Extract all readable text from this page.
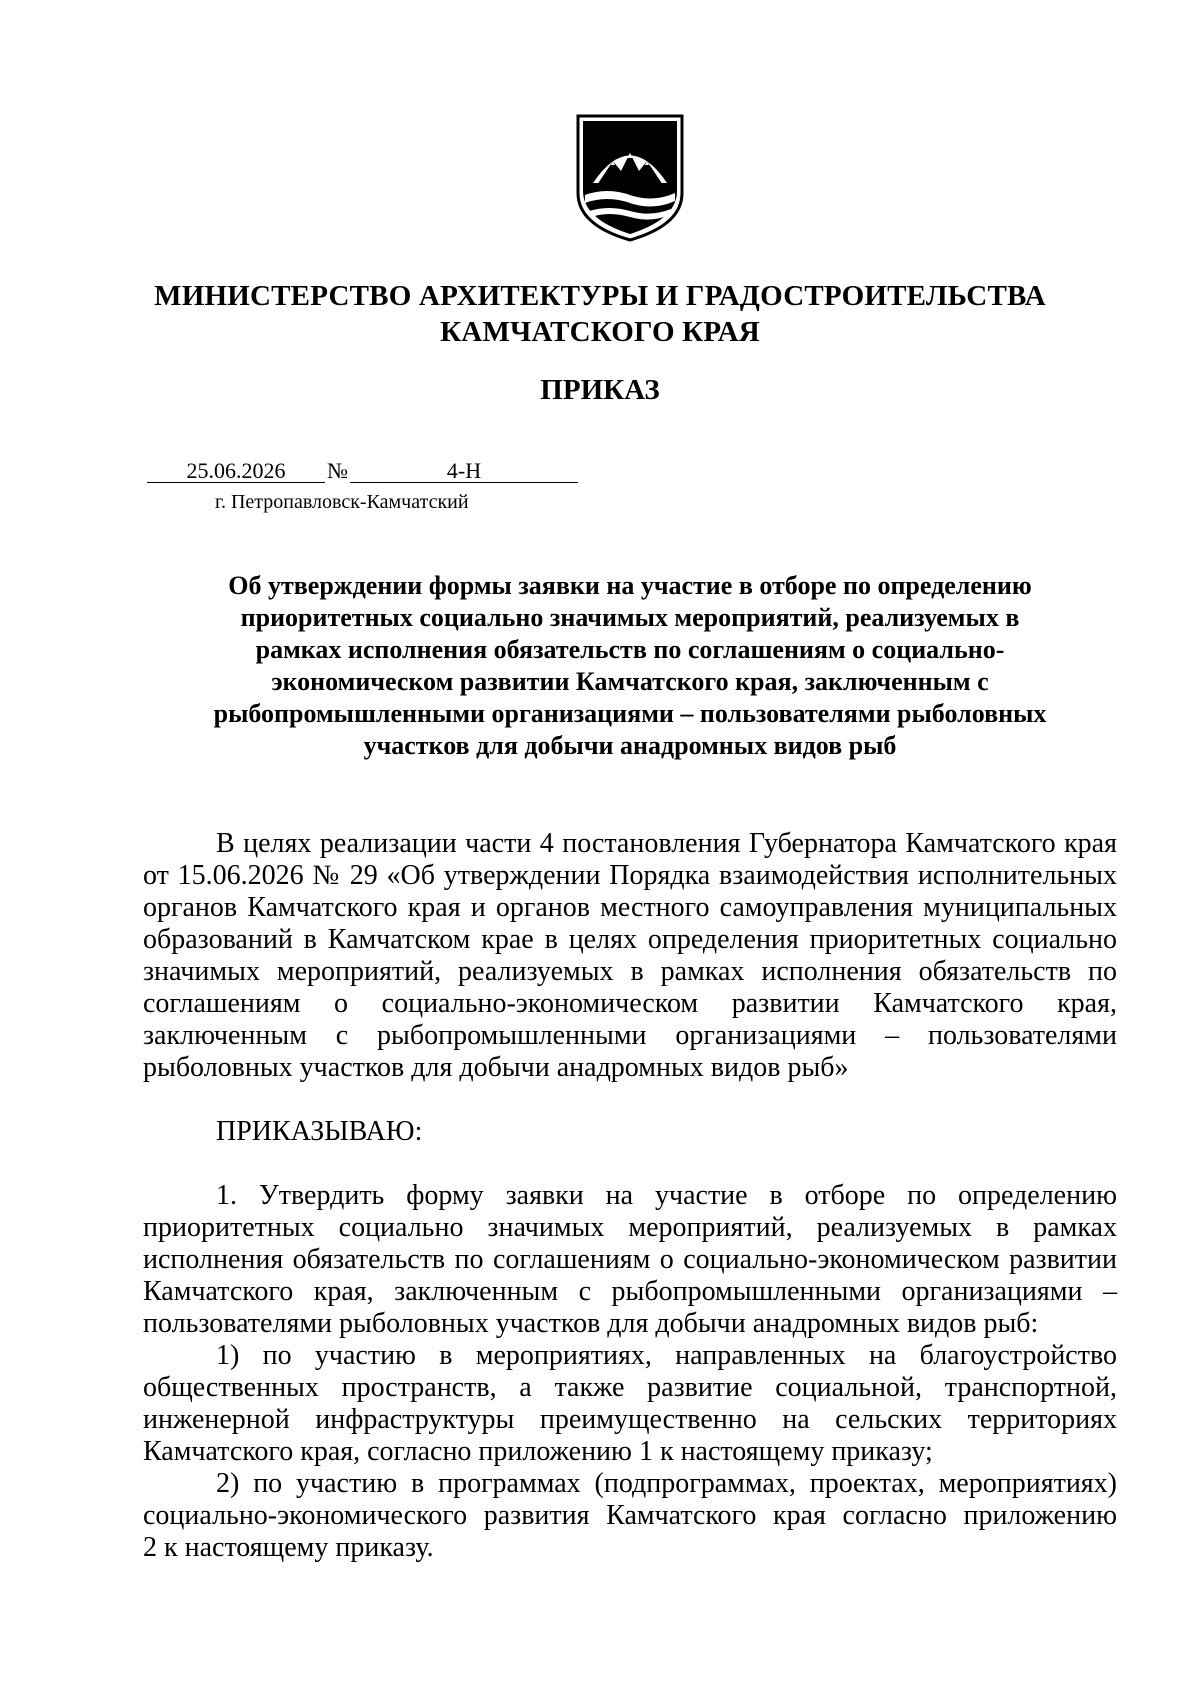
МИНИСТЕРСТВО АРХИТЕКТУРЫ И ГРАДОСТРОИТЕЛЬСТВА
КАМЧАТСКОГО КРАЯ
ПРИКАЗ
25.06.2026 №	4-Н
г. Петропавловск-Камчатский
Об утверждении формы заявки на участие в отборе по определению
приоритетных социально значимых мероприятий, реализуемых в
рамках исполнения обязательств по соглашениям о социально-
экономическом развитии Камчатского края, заключенным с
рыбопромышленными организациями – пользователями рыболовных
участков для добычи анадромных видов рыб
В целях реализации части 4 постановления Губернатора Камчатского края
от 15.06.2026 № 29 «Об утверждении Порядка взаимодействия исполнительных
органов Камчатского края и органов местного самоуправления муниципальных
образований в Камчатском крае в целях определения приоритетных социально
значимых мероприятий, реализуемых в рамках исполнения обязательств по
соглашениям о социально-экономическом развитии Камчатского края,
заключенным с рыбопромышленными организациями – пользователями
рыболовных участков для добычи анадромных видов рыб»
ПРИКАЗЫВАЮ:
1. Утвердить форму заявки на участие в отборе по определению
приоритетных социально значимых мероприятий, реализуемых в рамках
исполнения обязательств по соглашениям о социально-экономическом развитии
Камчатского края, заключенным с рыбопромышленными организациями –
пользователями рыболовных участков для добычи анадромных видов рыб:
1) по участию в мероприятиях, направленных на благоустройство
общественных пространств, а также развитие социальной, транспортной,
инженерной инфраструктуры преимущественно на сельских территориях
Камчатского края, согласно приложению 1 к настоящему приказу;
2) по участию в программах (подпрограммах, проектах, мероприятиях)
социально-экономического развития Камчатского края согласно приложению
2 к настоящему приказу.
